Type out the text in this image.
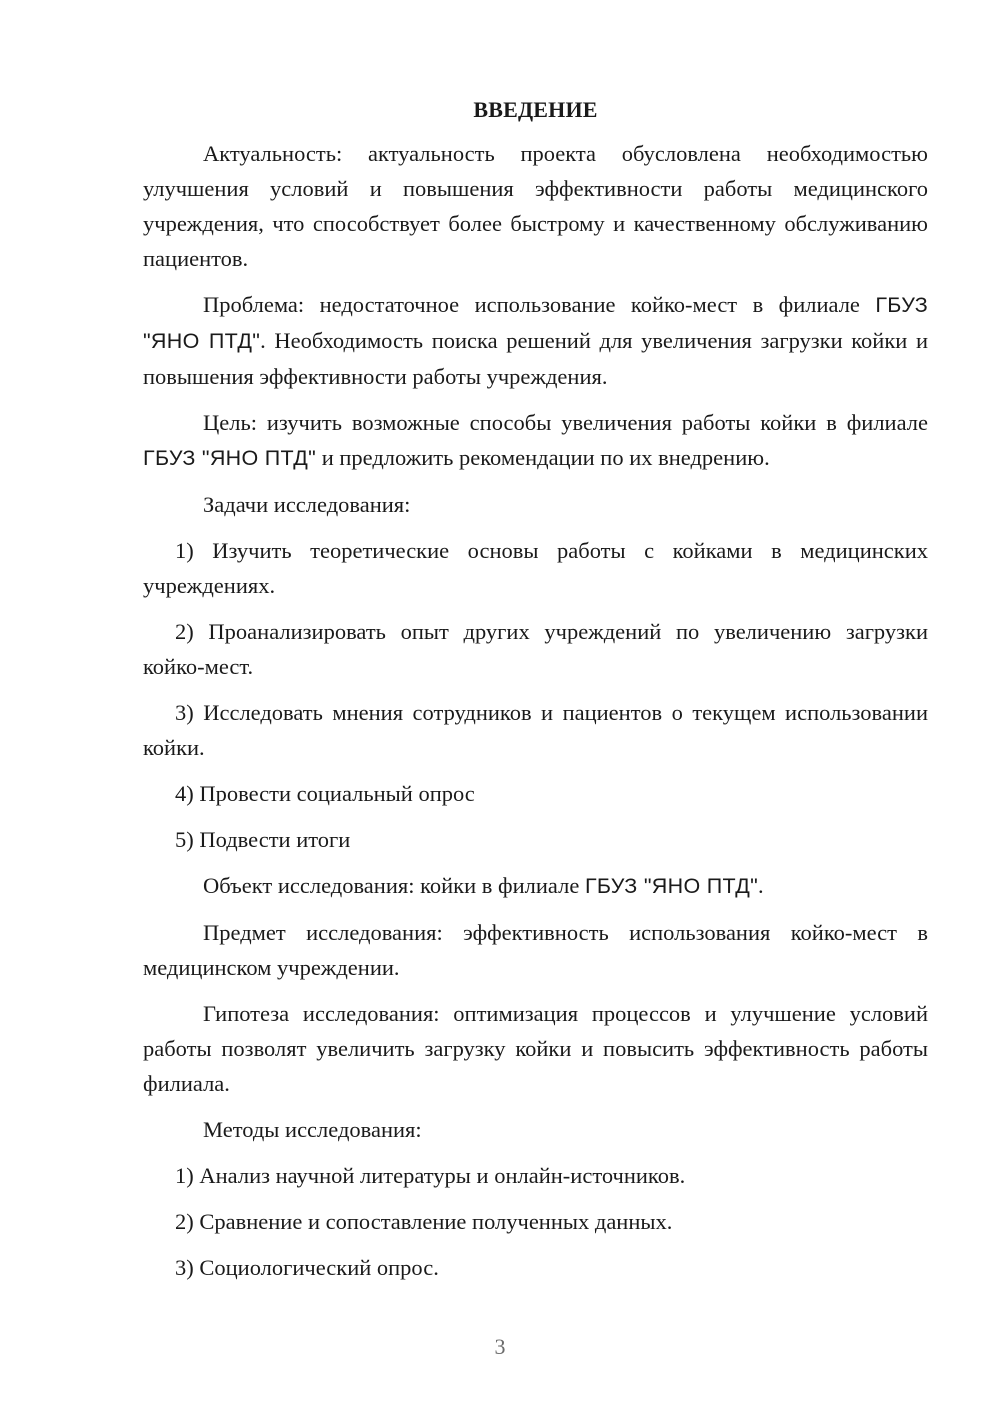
ВВЕДЕНИЕ

Актуальность: актуальность проекта обусловлена необходимостью улучшения условий и повышения эффективности работы медицинского учреждения, что способствует более быстрому и качественному обслуживанию пациентов.

Проблема: недостаточное использование койко-мест в филиале ГБУЗ "ЯНО ПТД". Необходимость поиска решений для увеличения загрузки койки и повышения эффективности работы учреждения.

Цель: изучить возможные способы увеличения работы койки в филиале ГБУЗ "ЯНО ПТД" и предложить рекомендации по их внедрению.

Задачи исследования:

1) Изучить теоретические основы работы с койками в медицинских учреждениях.

2) Проанализировать опыт других учреждений по увеличению загрузки койко-мест.

3) Исследовать мнения сотрудников и пациентов о текущем использовании койки.

4) Провести социальный опрос

5) Подвести итоги

Объект исследования: койки в филиале ГБУЗ "ЯНО ПТД".

Предмет исследования: эффективность использования койко-мест в медицинском учреждении.

Гипотеза исследования: оптимизация процессов и улучшение условий работы позволят увеличить загрузку койки и повысить эффективность работы филиала.

Методы исследования:

1) Анализ научной литературы и онлайн-источников.

2) Сравнение и сопоставление полученных данных.

3) Социологический опрос.

3
